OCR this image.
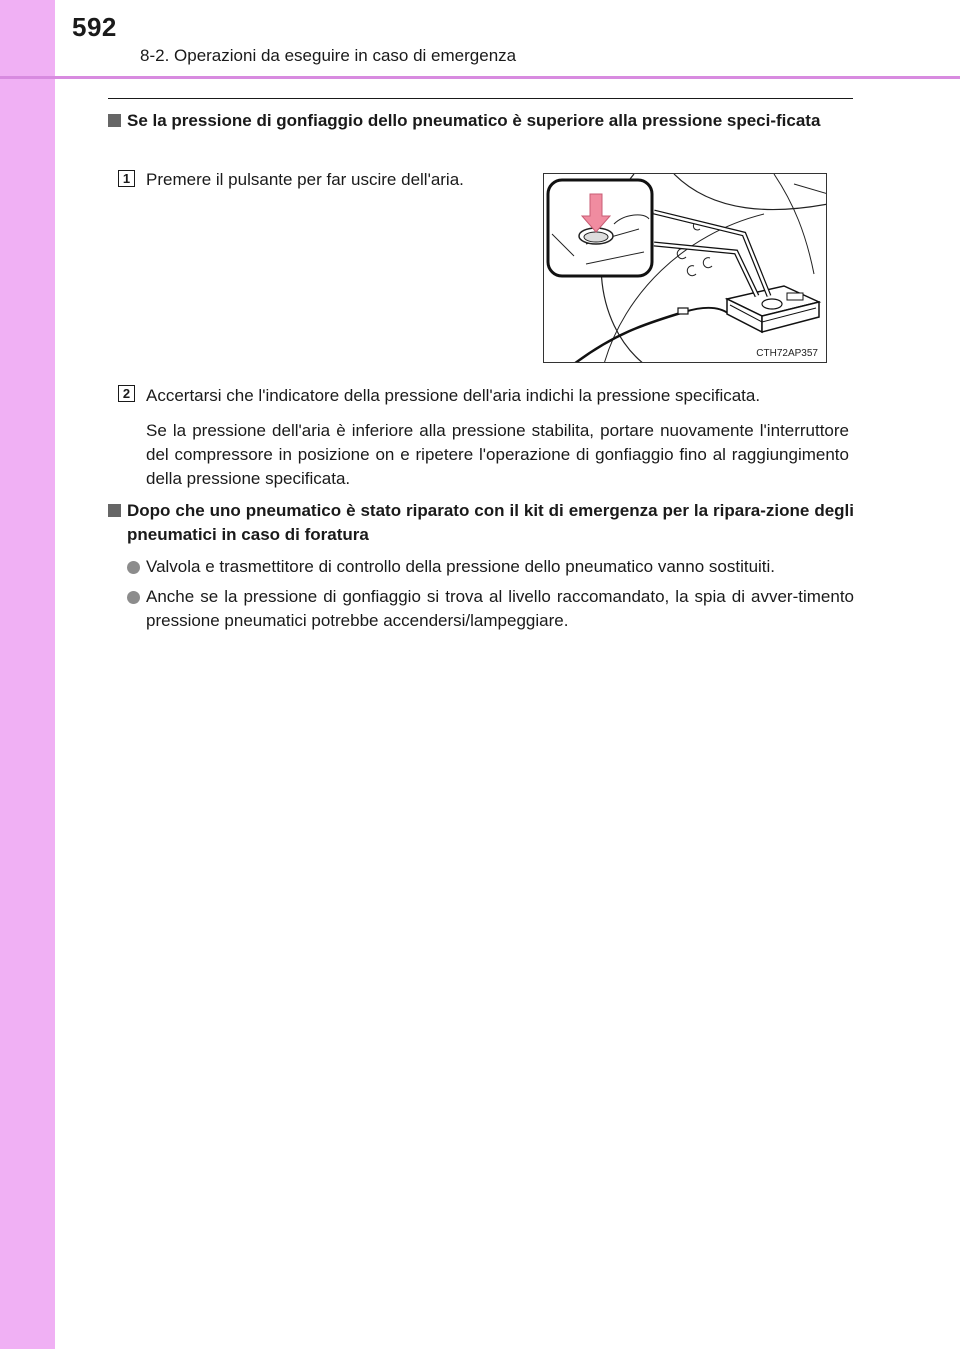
592
8-2. Operazioni da eseguire in caso di emergenza
Se la pressione di gonfiaggio dello pneumatico è superiore alla pressione speci-ficata
1 Premere il pulsante per far uscire dell'aria.
CTH72AP357
2 Accertarsi che l'indicatore della pressione dell'aria indichi la pressione specificata.
Se la pressione dell'aria è inferiore alla pressione stabilita, portare nuovamente l'interruttore del compressore in posizione on e ripetere l'operazione di gonfiaggio fino al raggiungimento della pressione specificata.
Dopo che uno pneumatico è stato riparato con il kit di emergenza per la ripara-zione degli pneumatici in caso di foratura
Valvola e trasmettitore di controllo della pressione dello pneumatico vanno sostituiti.
Anche se la pressione di gonfiaggio si trova al livello raccomandato, la spia di avver-timento pressione pneumatici potrebbe accendersi/lampeggiare.
